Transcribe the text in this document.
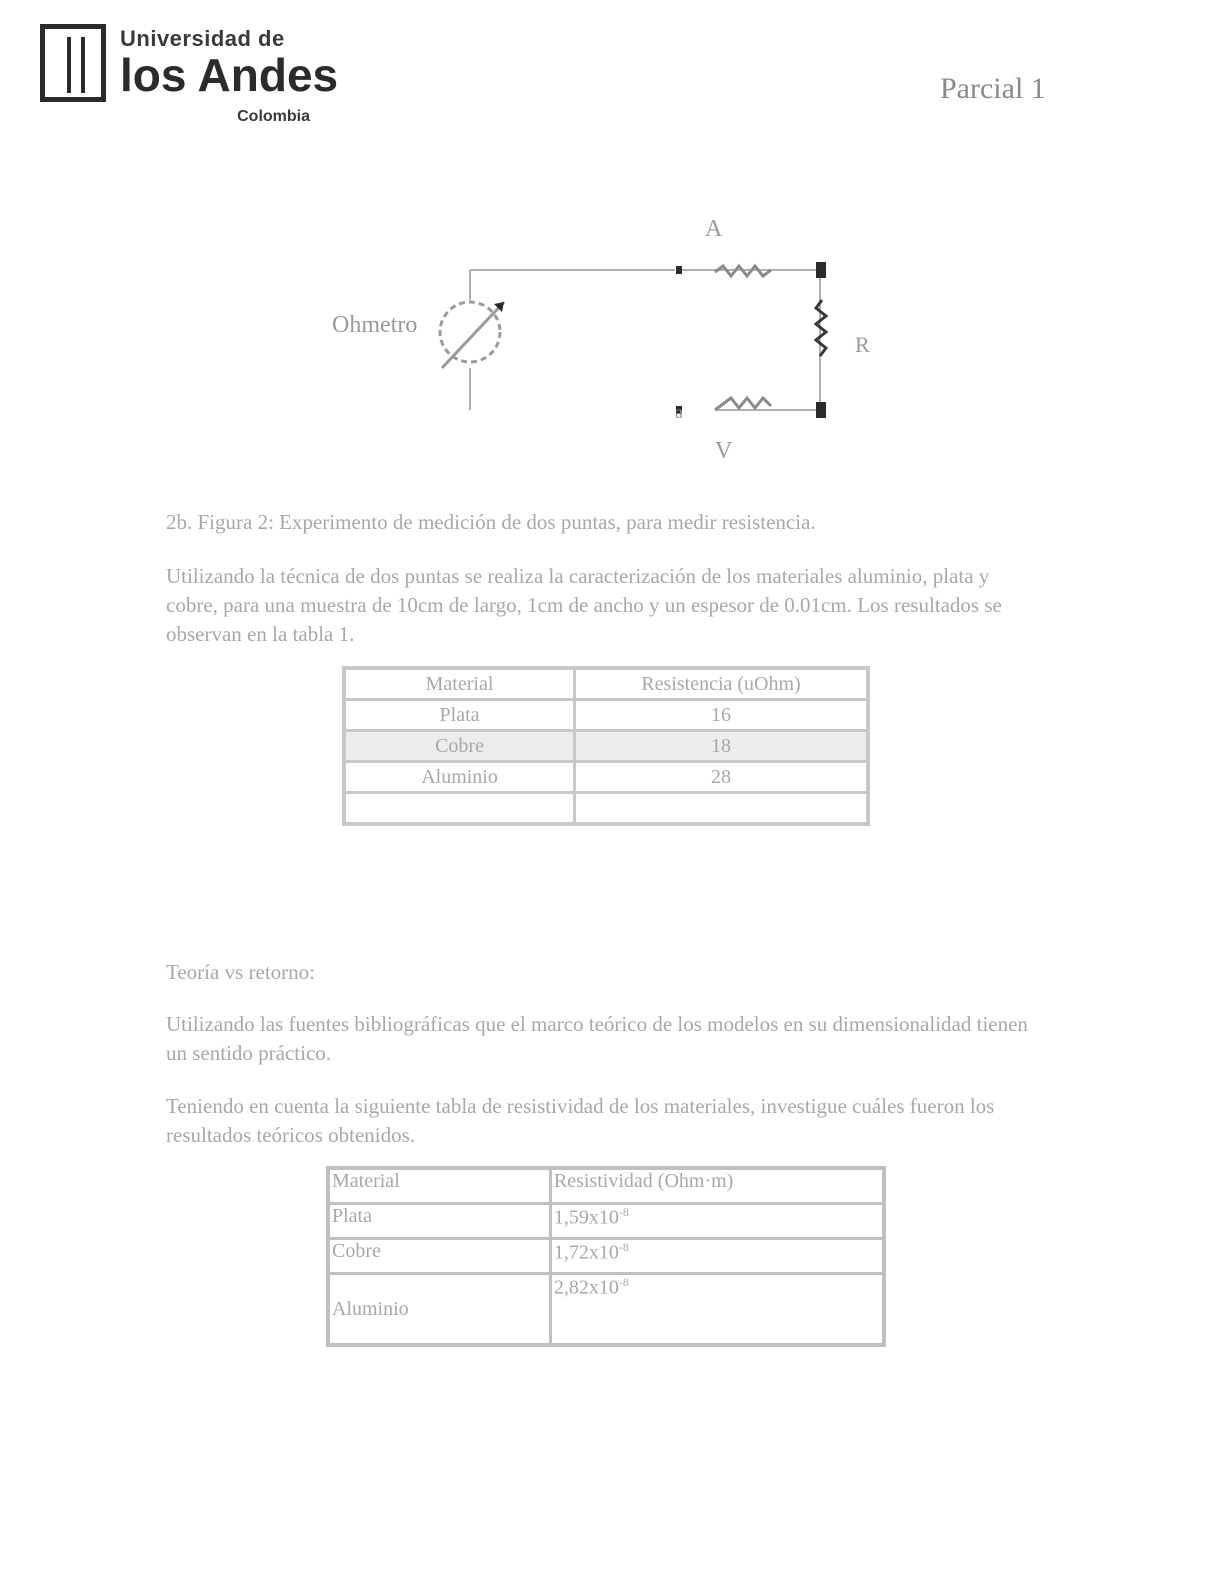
Universidad de
los Andes
Colombia
Parcial 1
A
Ohmetro
R
V
a

2b. Figura 2: Experimento de medición de dos puntas, para medir resistencia.

Utilizando la técnica de dos puntas se realiza la caracterización de los materiales aluminio, plata y cobre, para una muestra de 10cm de largo, 1cm de ancho y un espesor de 0.01cm. Los resultados se observan en la tabla 1.

Material	Resistencia (uOhm)
Plata	16
Cobre	18
Aluminio	28

Teoría vs retorno:

Utilizando las fuentes bibliográficas que el marco teórico de los modelos en su dimensionalidad tienen un sentido práctico.

Teniendo en cuenta la siguiente tabla de resistividad de los materiales, investigue cuáles fueron los resultados teóricos obtenidos.

Material	Resistividad (Ohm·m)
Plata	$1,59x10^{-8}$
Cobre	$1,72x10^{-8}$
Aluminio	$2,82x10^{-8}$
